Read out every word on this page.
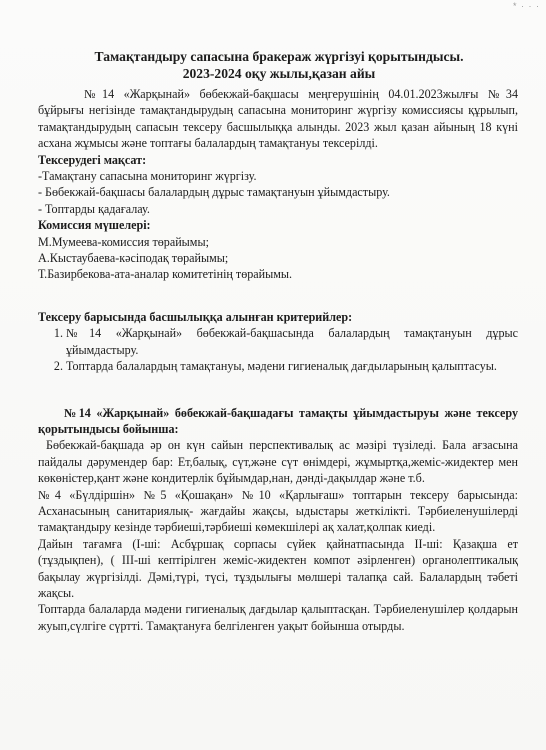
* · · ·
Тамақтандыру сапасына бракераж жүргізуі қорытындысы.
2023-2024 оқу жылы,қазан айы

№14 «Жарқынай» бөбекжай-бақшасы меңгерушінің 04.01.2023жылғы №34 бұйрығы негізінде тамақтандырудың сапасына мониторинг жүргізу комиссиясы құрылып, тамақтандырудың сапасын тексеру басшылыққа алынды. 2023 жыл қазан айының 18 күні асхана жұмысы және топтағы балалардың тамақтануы тексерілді.

Тексерудегі мақсат:

-Тамақтану сапасына мониторинг жүргізу.

- Бөбекжай-бақшасы балалардың дұрыс тамақтануын ұйымдастыру.

- Топтарды қадағалау.

Комиссия мүшелері:

М.Мумеева-комиссия төрайымы;

А.Кыстаубаева-кәсіподақ төрайымы;

Т.Базирбекова-ата-аналар комитетінің төрайымы.

Тексеру барысында басшылыққа алынған критерийлер:

1. №14 «Жарқынай» бөбекжай-бақшасында балалардың тамақтануын дұрыс ұйымдастыру.
2. Топтарда балалардың тамақтануы, мәдени гигиеналық дағдыларының қалыптасуы.

№14 «Жарқынай» бөбекжай-бақшадағы тамақты ұйымдастыруы және тексеру қорытындысы бойынша:

Бөбекжай-бақшада әр он күн сайын перспективалық ас мәзірі түзіледі. Бала ағзасына пайдалы дәрумендер бар: Ет,балық, сүт,және сүт өнімдері, жұмыртқа,жеміс-жидектер мен көкөністер,қант және кондитерлік бұйымдар,нан, дәнді-дақылдар және т.б.

№4 «Бүлдіршін» №5 «Қошақан» №10 «Қарлығаш» топтарын тексеру барысында: Асханасының санитариялық- жағдайы жақсы, ыдыстары жеткілікті. Тәрбиеленушілерді тамақтандыру кезінде тәрбиеші,тәрбиеші көмекшілері ақ халат,қолпак киеді.

Дайын тағамға (І-ші: Асбұршақ сорпасы сүйек қайнатпасында ІІ-ші: Қазақша ет (тұздықпен), ( ІІІ-ші кептірілген жеміс-жидектен компот әзірленген) органолептикалық бақылау жүргізілді. Дәмі,түрі, түсі, тұздылығы мөлшері талапқа сай. Балалардың тәбеті жақсы.

Топтарда балаларда мәдени гигиеналық дағдылар қалыптасқан. Тәрбиеленушілер қолдарын жуып,сүлгіге сүртті. Тамақтануға белгіленген уақыт бойынша отырды.
